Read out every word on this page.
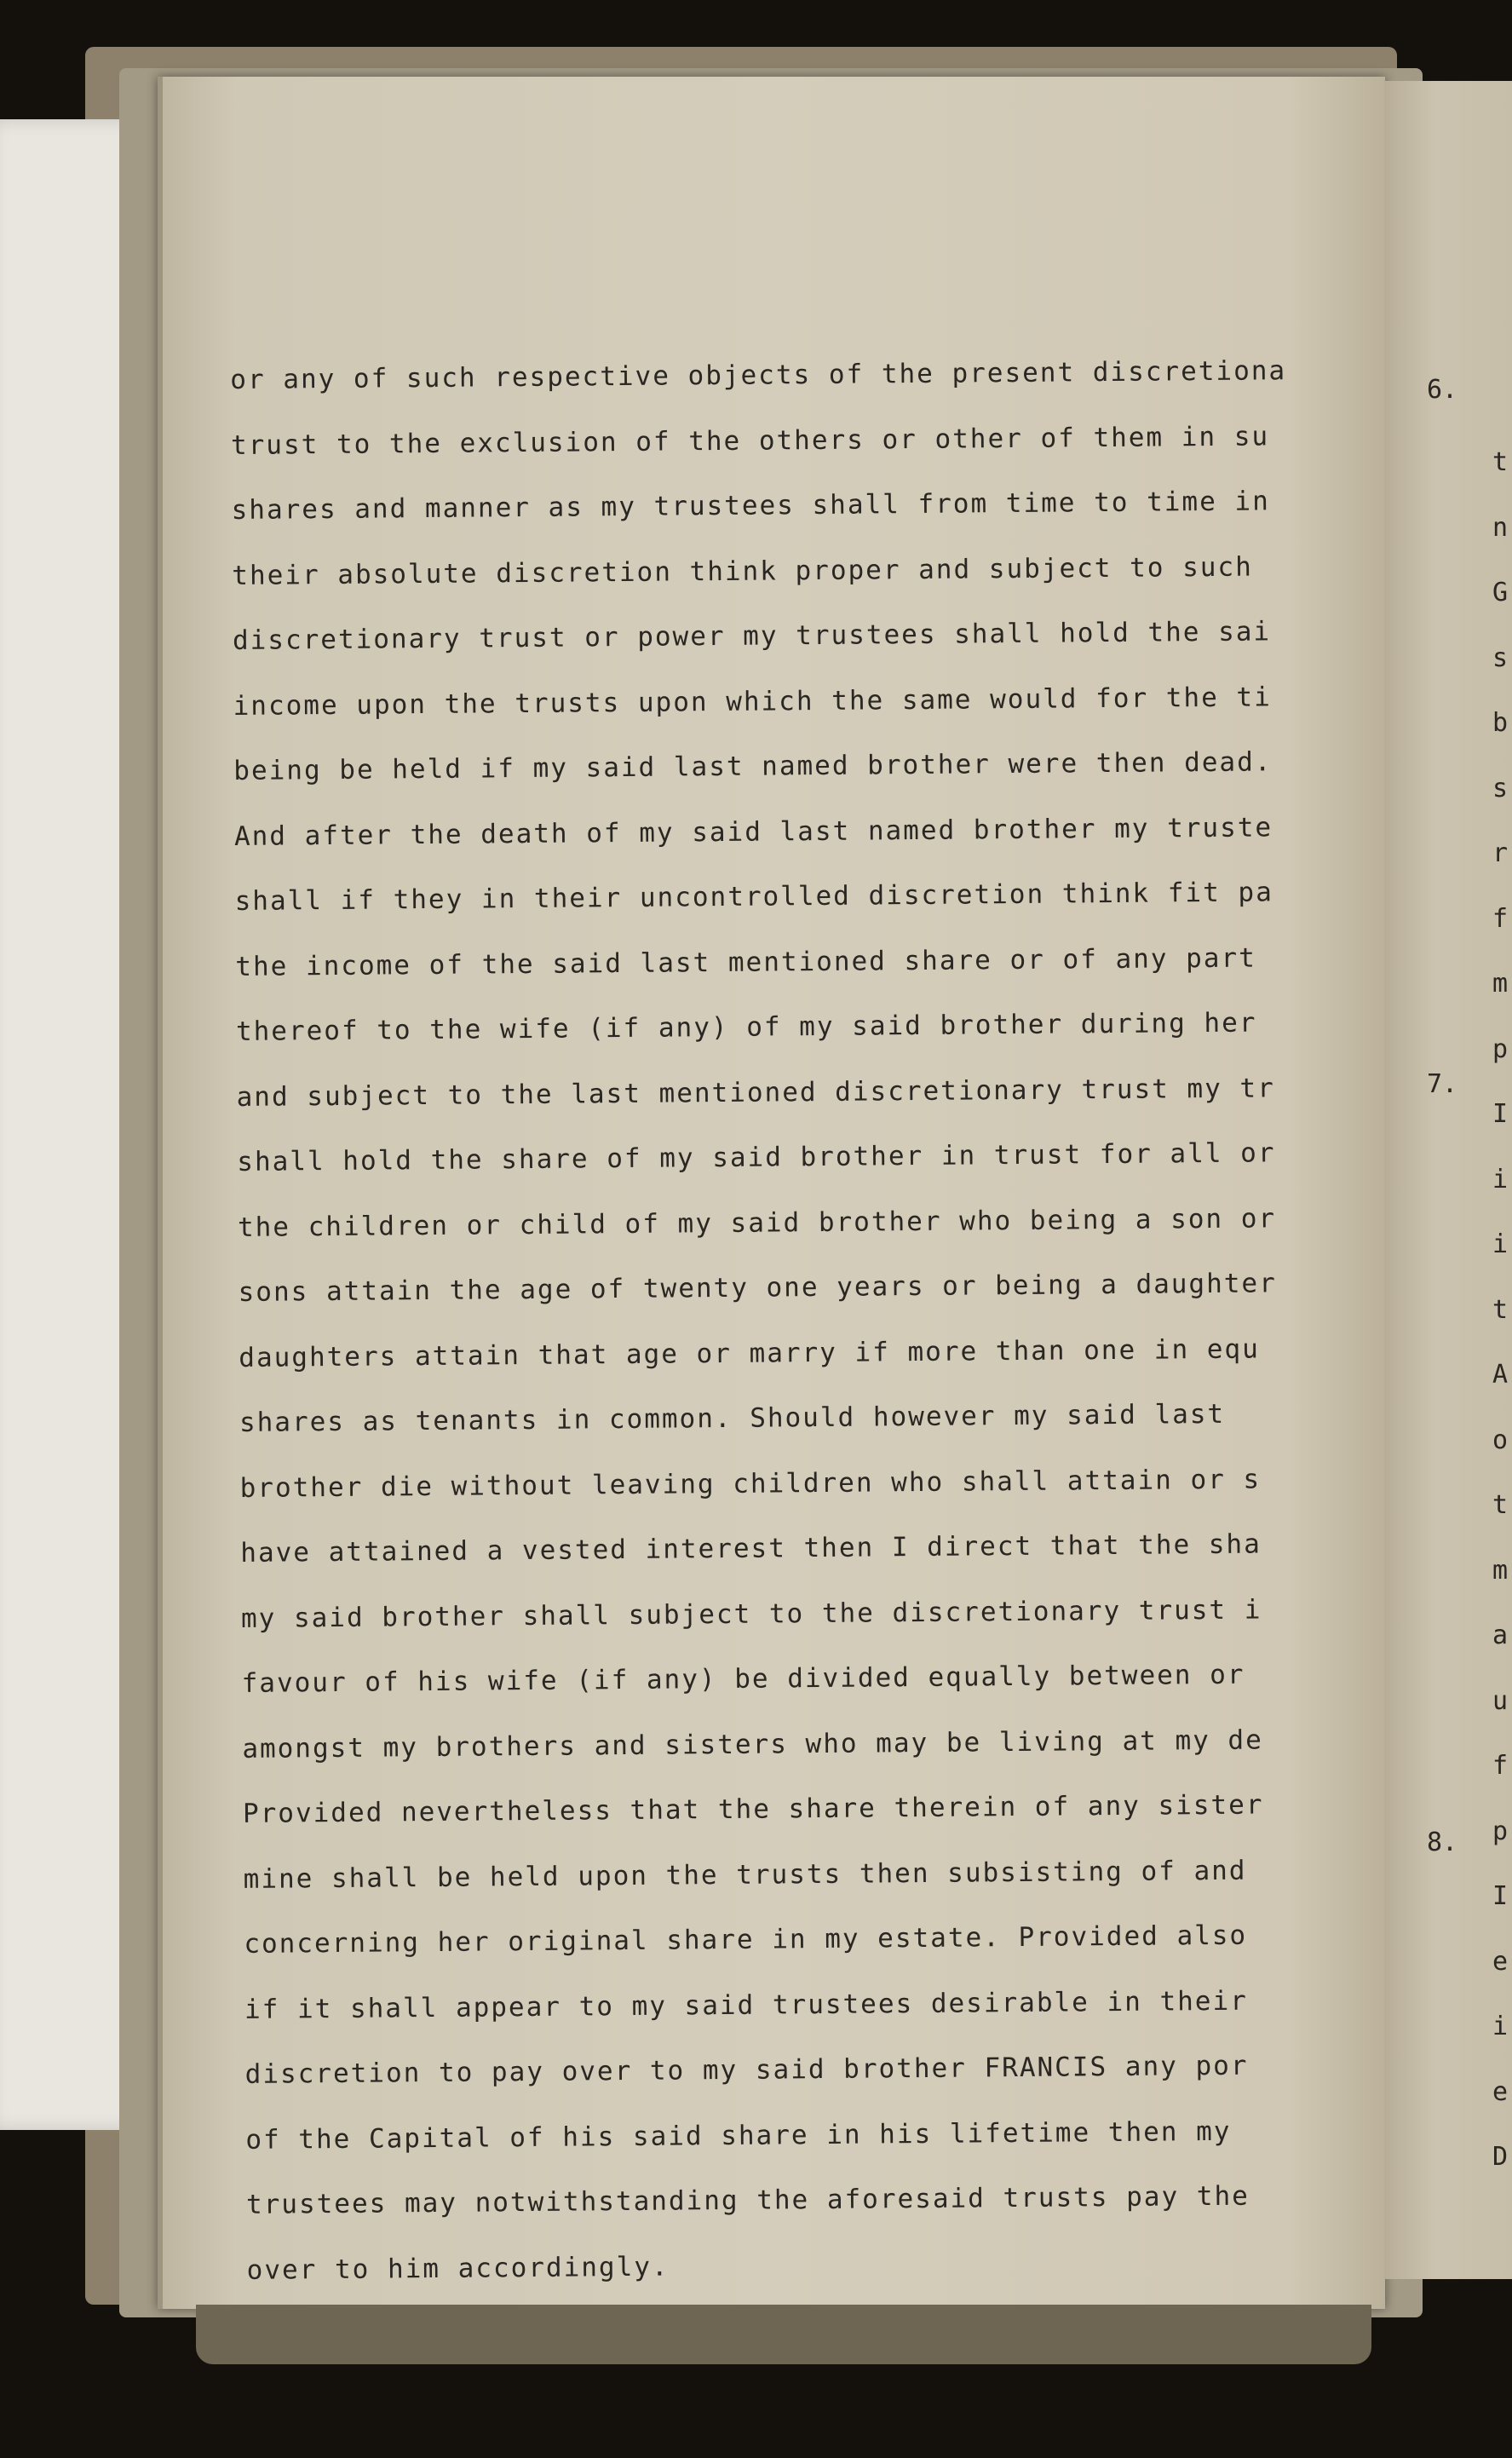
or any of such respective objects of the present discretiona
trust to the exclusion of the others or other of them in su
shares and manner as my trustees shall from time to time in
their absolute discretion think proper and subject to such
discretionary trust or power my trustees shall hold the sai
income upon the trusts upon which the same would for the ti
being be held if my said last named brother were then dead.
And after the death of my said last named brother my truste
shall if they in their uncontrolled discretion think fit pa
the income of the said last mentioned share or of any part
thereof to the wife (if any) of my said brother during her
and subject to the last mentioned discretionary trust my tr
shall hold the share of my said brother in trust for all or
the children or child of my said brother who being a son or
sons attain the age of twenty one years or being a daughter
daughters attain that age or marry if more than one in equ
shares as tenants in common. Should however my said last
brother die without leaving children who shall attain or s
have attained a vested interest then I direct that the sha
my said brother shall subject to the discretionary trust i
favour of his wife (if any) be divided equally between or
amongst my brothers and sisters who may be living at my de
Provided nevertheless that the share therein of any sister
mine shall be held upon the trusts then subsisting of and
concerning her original share in my estate. Provided also
if it shall appear to my said trustees desirable in their
discretion to pay over to my said brother FRANCIS any por
of the Capital of his said share in his lifetime then my
trustees may notwithstanding the aforesaid trusts pay the
over to him accordingly.
6.
7.
8.
t
n
G
s
b
s
r
f
m
p
I
i
i
t
A
o
t
m
a
u
f
p
I
e
i
e
D
